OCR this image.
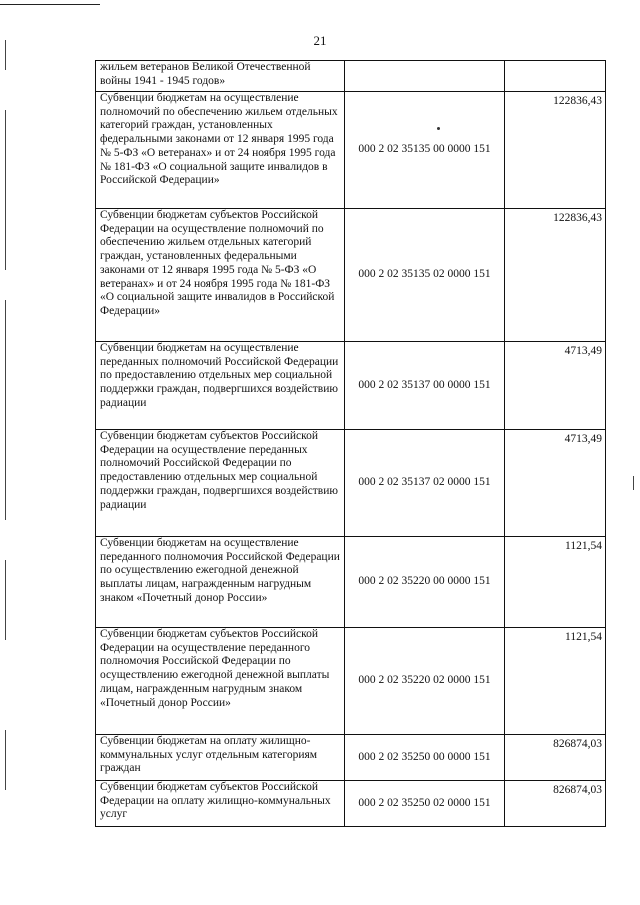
21
жильем ветеранов Великой Отечественной войны 1941 - 1945 годов»		
Субвенции бюджетам на осуществление полномочий по обеспечению жильем отдельных категорий граждан, установленных федеральными законами от 12 января 1995 года № 5-ФЗ «О ветеранах» и от 24 ноября 1995 года № 181-ФЗ «О социальной защите инвалидов в Российской Федерации»	000 2 02 35135 00 0000 151	122836,43
Субвенции бюджетам субъектов Российской Федерации на осуществление полномочий по обеспечению жильем отдельных категорий граждан, установленных федеральными законами от 12 января 1995 года № 5-ФЗ «О ветеранах» и от 24 ноября 1995 года № 181-ФЗ «О социальной защите инвалидов в Российской Федерации»	000 2 02 35135 02 0000 151	122836,43
Субвенции бюджетам на осуществление переданных полномочий Российской Федерации по предоставлению отдельных мер социальной поддержки граждан, подвергшихся воздействию радиации	000 2 02 35137 00 0000 151	4713,49
Субвенции бюджетам субъектов Российской Федерации на осуществление переданных полномочий Российской Федерации по предоставлению отдельных мер социальной поддержки граждан, подвергшихся воздействию радиации	000 2 02 35137 02 0000 151	4713,49
Субвенции бюджетам на осуществление переданного полномочия Российской Федерации по осуществлению ежегодной денежной выплаты лицам, награжденным нагрудным знаком «Почетный донор России»	000 2 02 35220 00 0000 151	1121,54
Субвенции бюджетам субъектов Российской Федерации на осуществление переданного полномочия Российской Федерации по осуществлению ежегодной денежной выплаты лицам, награжденным нагрудным знаком «Почетный донор России»	000 2 02 35220 02 0000 151	1121,54
Субвенции бюджетам на оплату жилищно-коммунальных услуг отдельным категориям граждан	000 2 02 35250 00 0000 151	826874,03
Субвенции бюджетам субъектов Российской Федерации на оплату жилищно-коммунальных услуг	000 2 02 35250 02 0000 151	826874,03
